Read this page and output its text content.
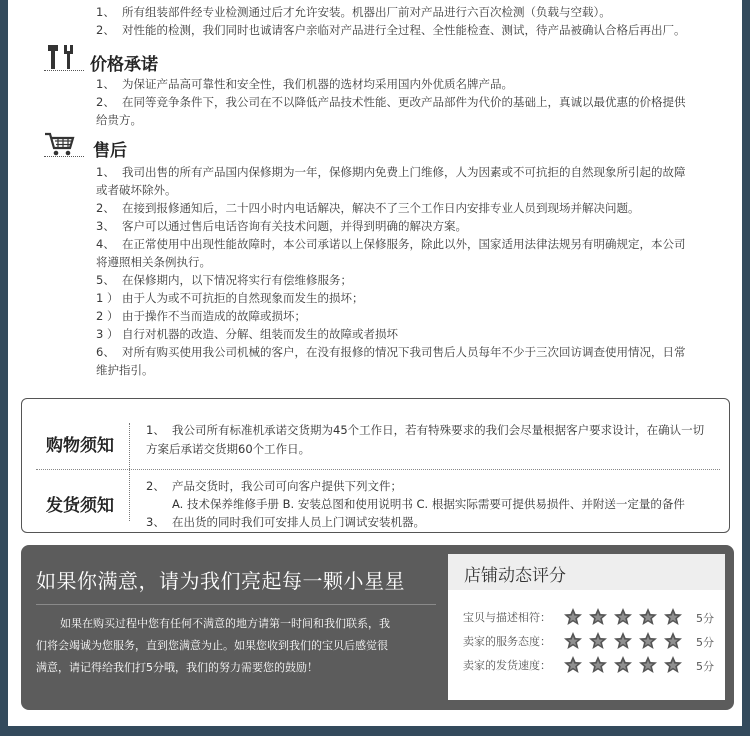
1、 所有组装部件经专业检测通过后才允许安装。机器出厂前对产品进行六百次检测（负载与空载）。
2、 对性能的检测，我们同时也诚请客户亲临对产品进行全过程、全性能检查、测试，待产品被确认合格后再出厂。
价格承诺
1、 为保证产品高可靠性和安全性，我们机器的选材均采用国内外优质名牌产品。
2、 在同等竞争条件下，我公司在不以降低产品技术性能、更改产品部件为代价的基础上，真诚以最优惠的价格提供
给贵方。
售后
1、 我司出售的所有产品国内保修期为一年，保修期内免费上门维修，人为因素或不可抗拒的自然现象所引起的故障
或者破坏除外。
2、 在接到报修通知后，二十四小时内电话解决，解决不了三个工作日内安排专业人员到现场并解决问题。
3、 客户可以通过售后电话咨询有关技术问题，并得到明确的解决方案。
4、 在正常使用中出现性能故障时，本公司承诺以上保修服务，除此以外，国家适用法律法规另有明确规定，本公司
将遵照相关条例执行。
5、 在保修期内，以下情况将实行有偿维修服务；
1 ） 由于人为或不可抗拒的自然现象而发生的损坏；
2 ） 由于操作不当而造成的故障或损坏；
3 ） 自行对机器的改造、分解、组装而发生的故障或者损坏
6、 对所有购买使用我公司机械的客户，在没有报修的情况下我司售后人员每年不少于三次回访调查使用情况，日常
维护指引。
购物须知
发货须知
1、 我公司所有标准机承诺交货期为45个工作日，若有特殊要求的我们会尽量根据客户要求设计，在确认一切
方案后承诺交货期60个工作日。
2、 产品交货时，我公司可向客户提供下列文件；
A. 技术保养维修手册 B. 安装总图和使用说明书 C. 根据实际需要可提供易损件、并附送一定量的备件
3、 在出货的同时我们可安排人员上门调试安装机器。
如果你满意，请为我们亮起每一颗小星星
如果在购买过程中您有任何不满意的地方请第一时间和我们联系，我
们将会竭诚为您服务，直到您满意为止。如果您收到我们的宝贝后感觉很
满意，请记得给我们打5分哦，我们的努力需要您的鼓励！
店铺动态评分
宝贝与描述相符：	5分
卖家的服务态度：	5分
卖家的发货速度：	5分
